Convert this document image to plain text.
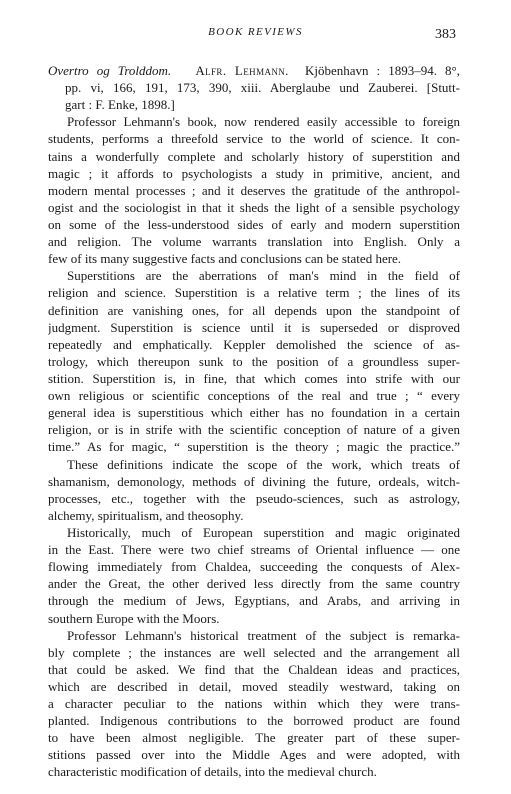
BOOK REVIEWS	383
Overtro og Trolddom. Alfr. Lehmann. Kjöbenhavn : 1893–94. 8°,
pp. vi, 166, 191, 173, 390, xiii. Aberglaube und Zauberei. [Stutt-
gart : F. Enke, 1898.]
Professor Lehmann's book, now rendered easily accessible to foreign
students, performs a threefold service to the world of science. It con-
tains a wonderfully complete and scholarly history of superstition and
magic ; it affords to psychologists a study in primitive, ancient, and
modern mental processes ; and it deserves the gratitude of the anthropol-
ogist and the sociologist in that it sheds the light of a sensible psychology
on some of the less-understood sides of early and modern superstition
and religion. The volume warrants translation into English. Only a
few of its many suggestive facts and conclusions can be stated here.
Superstitions are the aberrations of man's mind in the field of
religion and science. Superstition is a relative term ; the lines of its
definition are vanishing ones, for all depends upon the standpoint of
judgment. Superstition is science until it is superseded or disproved
repeatedly and emphatically. Keppler demolished the science of as-
trology, which thereupon sunk to the position of a groundless super-
stition. Superstition is, in fine, that which comes into strife with our
own religious or scientific conceptions of the real and true ; “ every
general idea is superstitious which either has no foundation in a certain
religion, or is in strife with the scientific conception of nature of a given
time.” As for magic, “ superstition is the theory ; magic the practice.”
These definitions indicate the scope of the work, which treats of
shamanism, demonology, methods of divining the future, ordeals, witch-
processes, etc., together with the pseudo-sciences, such as astrology,
alchemy, spiritualism, and theosophy.
Historically, much of European superstition and magic originated
in the East. There were two chief streams of Oriental influence — one
flowing immediately from Chaldea, succeeding the conquests of Alex-
ander the Great, the other derived less directly from the same country
through the medium of Jews, Egyptians, and Arabs, and arriving in
southern Europe with the Moors.
Professor Lehmann's historical treatment of the subject is remarka-
bly complete ; the instances are well selected and the arrangement all
that could be asked. We find that the Chaldean ideas and practices,
which are described in detail, moved steadily westward, taking on
a character peculiar to the nations within which they were trans-
planted. Indigenous contributions to the borrowed product are found
to have been almost negligible. The greater part of these super-
stitions passed over into the Middle Ages and were adopted, with
characteristic modification of details, into the medieval church.
